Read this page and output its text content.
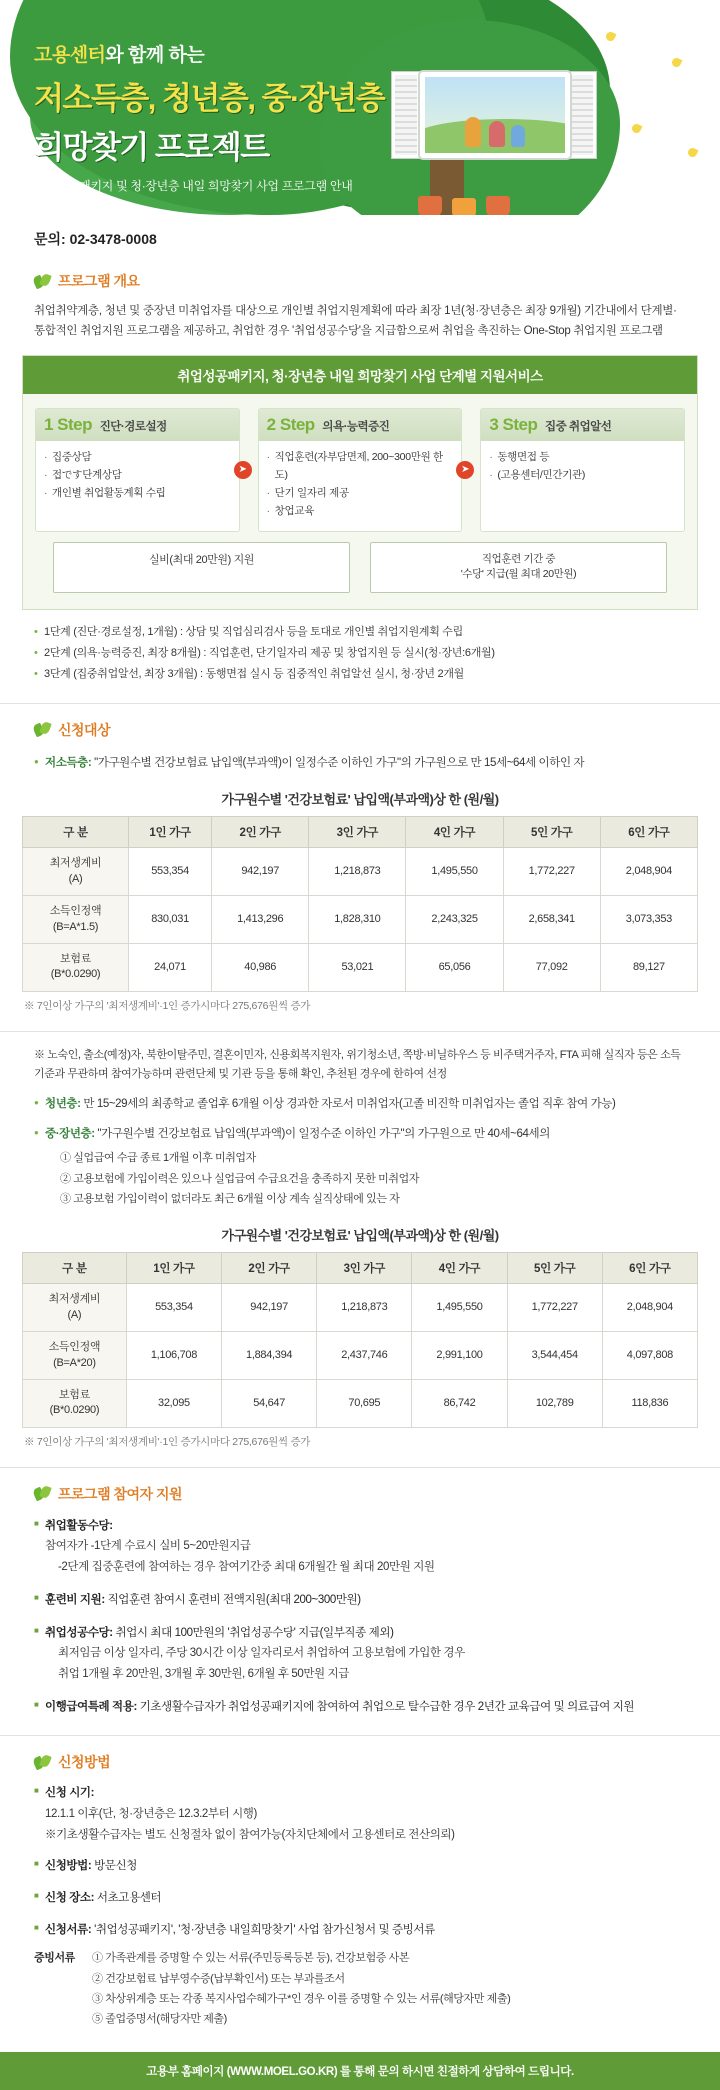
고용센터와 함께 하는
저소득층, 청년층, 중·장년층
희망찾기 프로젝트
취업성공패키지 및 청·장년층 내일 희망찾기 사업 프로그램 안내
문의: 02-3478-0008
프로그램 개요
취업취약계층, 청년 및 중장년 미취업자를 대상으로 개인별 취업지원계획에 따라 최장 1년(청·장년층은 최장 9개월) 기간내에서 단계별·통합적인 취업지원 프로그램을 제공하고, 취업한 경우 '취업성공수당'을 지급함으로써 취업을 촉진하는 One-Stop 취업지원 프로그램
취업성공패키지, 청·장년층 내일 희망찾기 사업 단계별 지원서비스
1 Step 진단·경로설정
· 집중상담
· 접です단계상담
· 개인별 취업활동계획 수립
➤
2 Step 의욕·능력증진
· 직업훈련(자부담면제, 200~300만원 한도)
· 단기 일자리 제공
· 창업교육
➤
3 Step 집중 취업알선
· 동행면접 등
· (고용센터/민간기관)
실비(최대 20만원) 지원	직업훈련 기간 중
'수당' 지급(월 최대 20만원)
• 1단계 (진단·경로설정, 1개월) : 상담 및 직업심리검사 등을 토대로 개인별 취업지원계획 수립
• 2단계 (의욕·능력증진, 최장 8개월) : 직업훈련, 단기일자리 제공 및 창업지원 등 실시(청·장년:6개월)
• 3단계 (집중취업알선, 최장 3개월) : 동행면접 실시 등 집중적인 취업알선 실시, 청·장년 2개월
신청대상
● 저소득층: "가구원수별 건강보험료 납입액(부과액)이 일정수준 이하인 가구"의 가구원으로 만 15세~64세 이하인 자
가구원수별 '건강보험료' 납입액(부과액)상 한 (원/월)
구 분	1인 가구	2인 가구	3인 가구	4인 가구	5인 가구	6인 가구

최저생계비
(A)	553,354	942,197	1,218,873	1,495,550	1,772,227	2,048,904

소득인정액
(B=A*1.5)	830,031	1,413,296	1,828,310	2,243,325	2,658,341	3,073,353

보험료
(B*0.0290)	24,071	40,986	53,021	65,056	77,092	89,127
※ 7인이상 가구의 '최저생계비'·1인 증가시마다 275,676원씩 증가
※ 노숙인, 출소(예정)자, 북한이탈주민, 결혼이민자, 신용회복지원자, 위기청소년, 쪽방·비닐하우스 등 비주택거주자, FTA 피해 실직자 등은 소득기준과 무관하며 참여가능하며 관련단체 및 기관 등을 통해 확인, 추천된 경우에 한하여 선정
● 청년층: 만 15~29세의 최종학교 졸업후 6개월 이상 경과한 자로서 미취업자(고졸 비진학 미취업자는 졸업 직후 참여 가능)
● 중·장년층: "가구원수별 건강보험료 납입액(부과액)이 일정수준 이하인 가구"의 가구원으로 만 40세~64세의
① 실업급여 수급 종료 1개월 이후 미취업자
② 고용보험에 가입이력은 있으나 실업급여 수급요건을 충족하지 못한 미취업자
③ 고용보험 가입이력이 없더라도 최근 6개월 이상 계속 실직상태에 있는 자
가구원수별 '건강보험료' 납입액(부과액)상 한 (원/월)
구 분	1인 가구	2인 가구	3인 가구	4인 가구	5인 가구	6인 가구

최저생계비
(A)	553,354	942,197	1,218,873	1,495,550	1,772,227	2,048,904

소득인정액
(B=A*20)	1,106,708	1,884,394	2,437,746	2,991,100	3,544,454	4,097,808

보험료
(B*0.0290)	32,095	54,647	70,695	86,742	102,789	118,836
※ 7인이상 가구의 '최저생계비'·1인 증가시마다 275,676원씩 증가
프로그램 참여자 지원
■ 취업활동수당:
참여자가 -1단계 수료시 실비 5~20만원지급
-2단계 집중훈련에 참여하는 경우 참여기간중 최대 6개월간 월 최대 20만원 지원
■ 훈련비 지원: 직업훈련 참여시 훈련비 전액지원(최대 200~300만원)
■ 취업성공수당: 취업시 최대 100만원의 '취업성공수당' 지급(일부직종 제외)
최저임금 이상 일자리, 주당 30시간 이상 일자리로서 취업하여 고용보험에 가입한 경우
취업 1개월 후 20만원, 3개월 후 30만원, 6개월 후 50만원 지급
■ 이행급여특례 적용: 기초생활수급자가 취업성공패키지에 참여하여 취업으로 탈수급한 경우 2년간 교육급여 및 의료급여 지원
신청방법
■ 신청 시기:
12.1.1 이후(단, 청·장년층은 12.3.2부터 시행)
※기초생활수급자는 별도 신청절차 없이 참여가능(자치단체에서 고용센터로 전산의뢰)
■ 신청방법: 방문신청
■ 신청 장소: 서초고용센터
■ 신청서류: '취업성공패키지', '청·장년층 내일희망찾기' 사업 참가신청서 및 증빙서류
증빙서류	① 가족관계를 증명할 수 있는 서류(주민등록등본 등), 건강보험증 사본
② 건강보험료 납부영수증(납부확인서) 또는 부과를조서
③ 차상위계층 또는 각종 복지사업수혜가구*인 경우 이를 증명할 수 있는 서류(해당자만 제출)
⑤ 졸업증명서(해당자만 제출)
고용부 홈페이지 (WWW.MOEL.GO.KR) 를 통해 문의 하시면 친절하게 상담하여 드립니다.
